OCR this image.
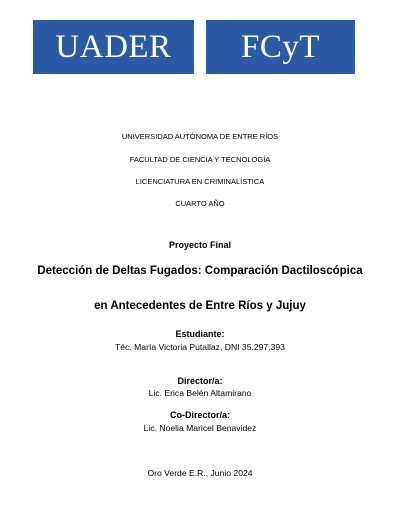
UADER FCyT
UNIVERSIDAD AUTÓNOMA DE ENTRE RÍOS
FACULTAD DE CIENCIA Y TECNOLOGÍA
LICENCIATURA EN CRIMINALÍSTICA
CUARTO AÑO
Proyecto Final
Detección de Deltas Fugados: Comparación Dactiloscópica
en Antecedentes de Entre Ríos y Jujuy
Estudiante:
Téc. María Victoria Putallaz, DNI 35.297.393
Director/a:
Lic. Erica Belén Altamirano
Co-Director/a:
Lic. Noelia Maricel Benavidez
Oro Verde E.R., Junio 2024
